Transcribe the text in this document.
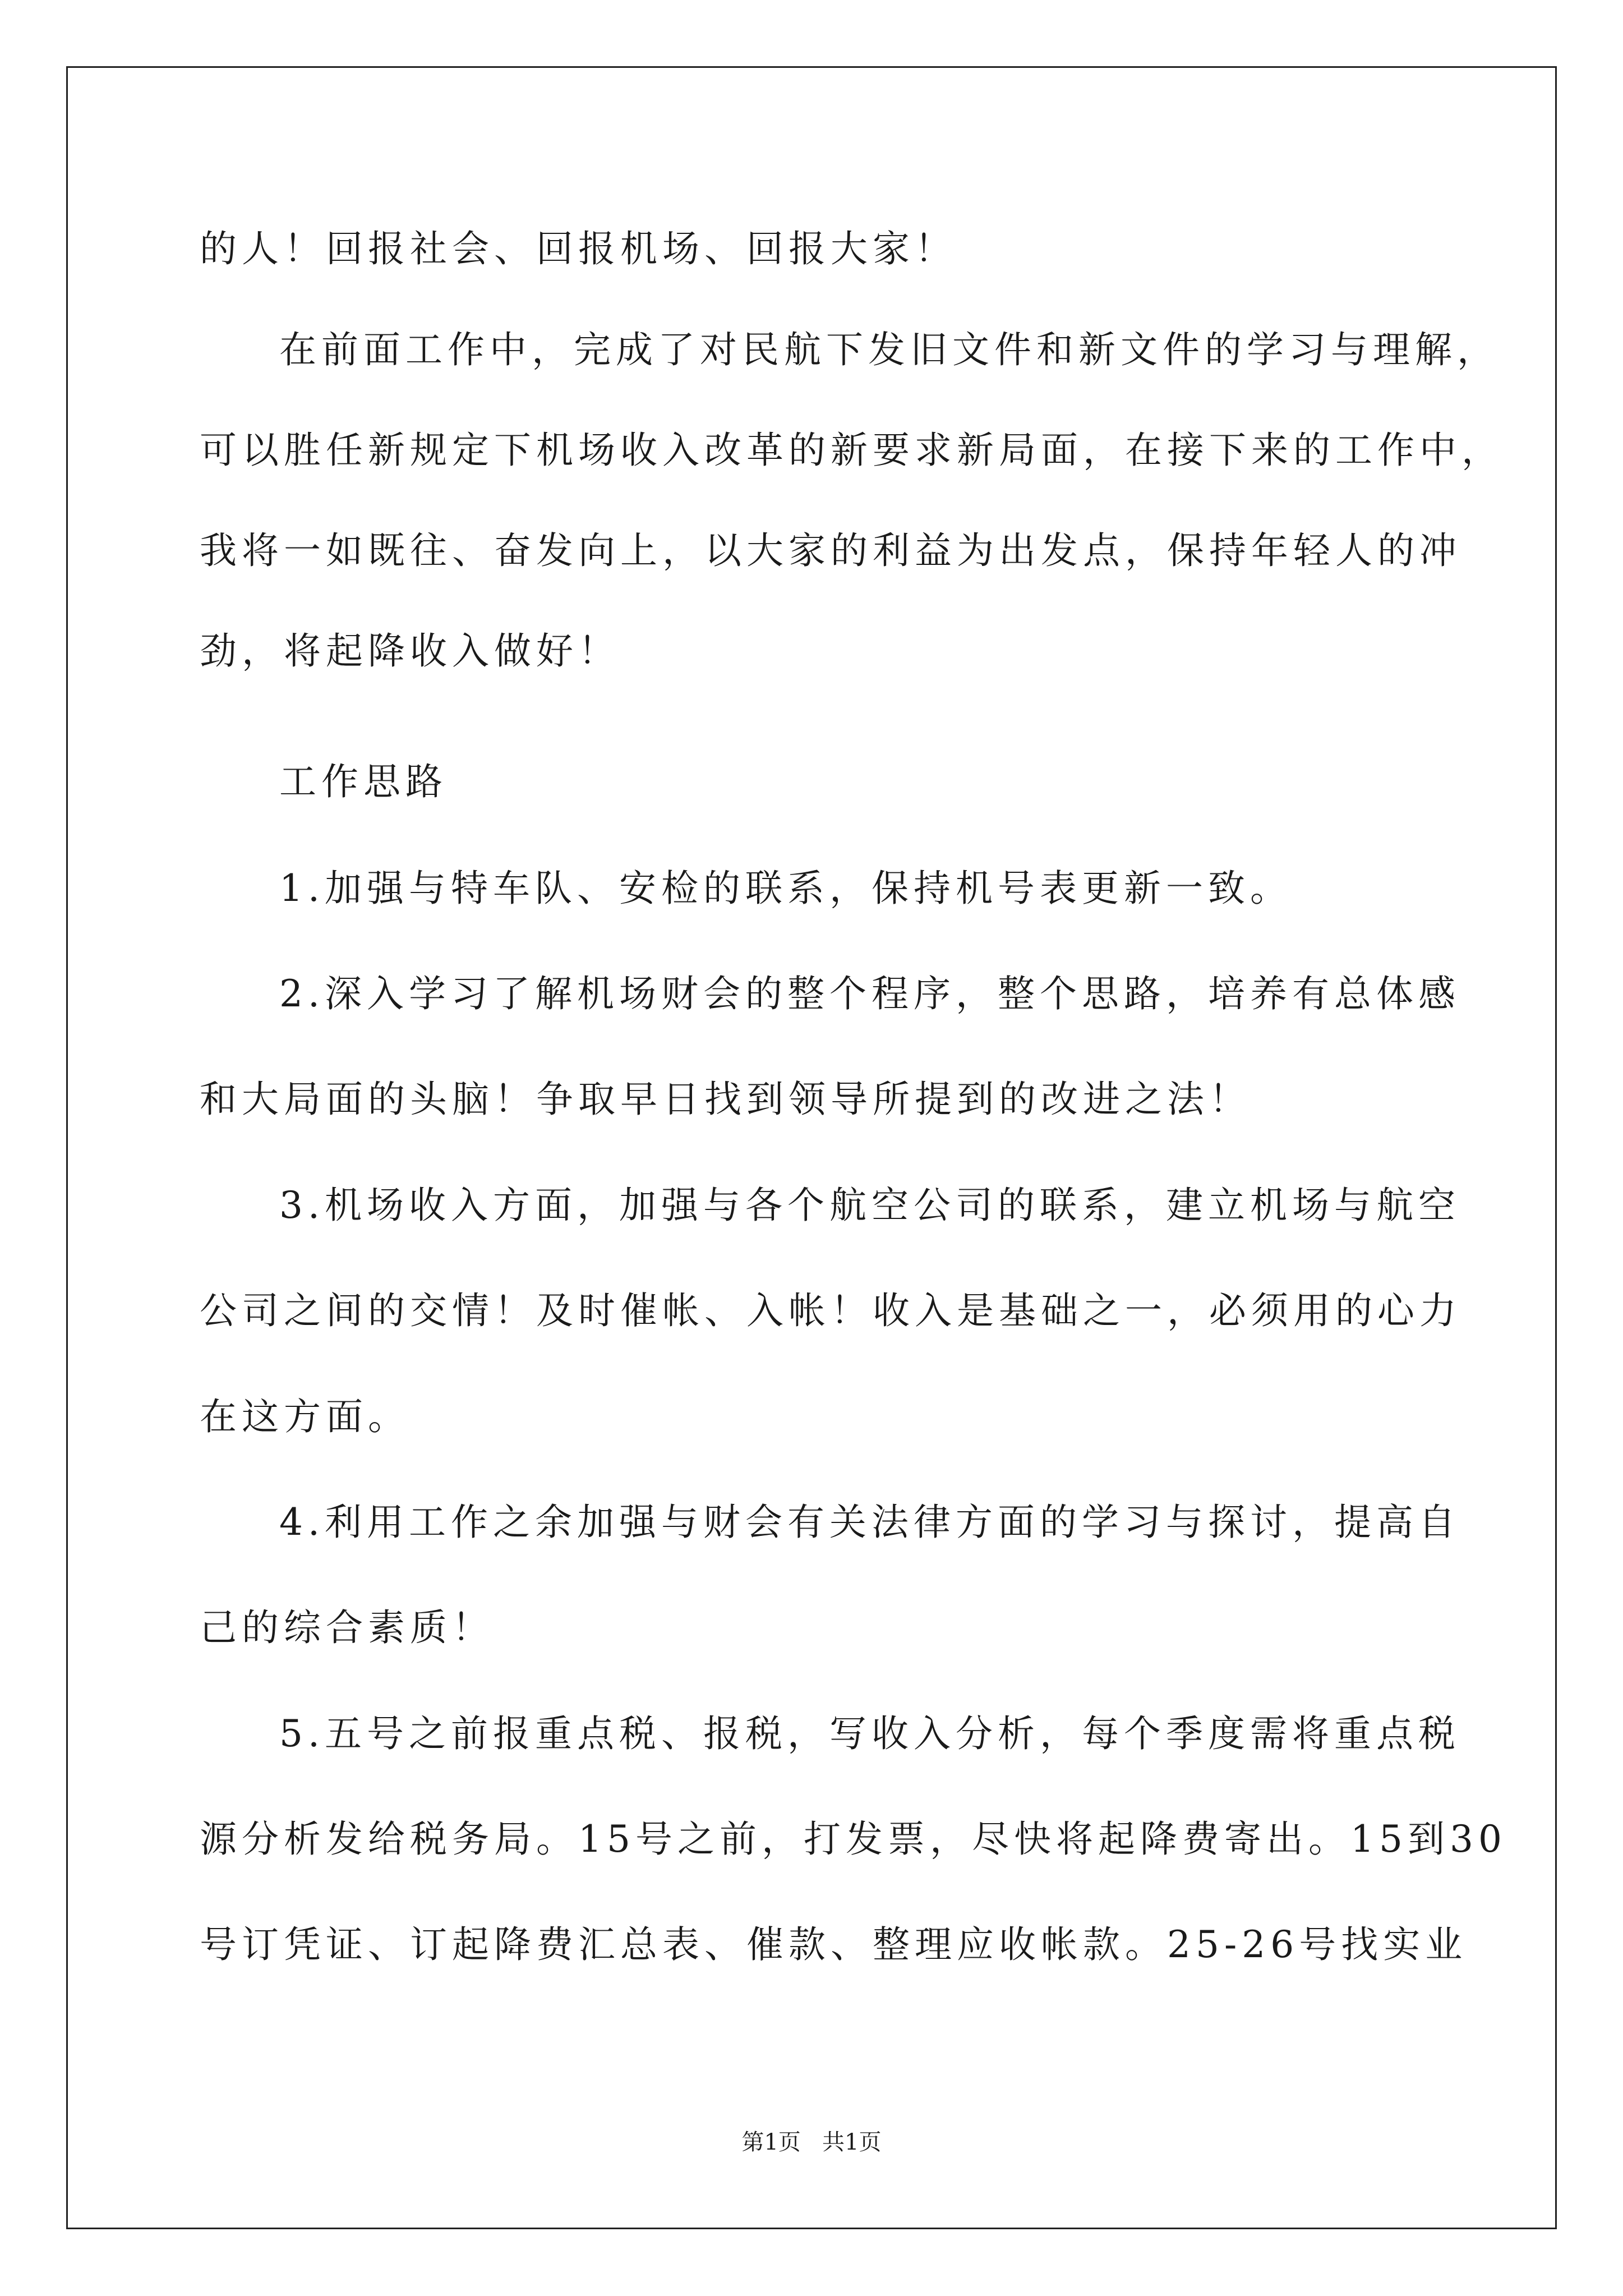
的人！回报社会、回报机场、回报大家！
在前面工作中，完成了对民航下发旧文件和新文件的学习与理解，
可以胜任新规定下机场收入改革的新要求新局面，在接下来的工作中，
我将一如既往、奋发向上，以大家的利益为出发点，保持年轻人的冲
劲，将起降收入做好！
工作思路
1.加强与特车队、安检的联系，保持机号表更新一致。
2.深入学习了解机场财会的整个程序，整个思路，培养有总体感
和大局面的头脑！争取早日找到领导所提到的改进之法！
3.机场收入方面，加强与各个航空公司的联系，建立机场与航空
公司之间的交情！及时催帐、入帐！收入是基础之一，必须用的心力
在这方面。
4.利用工作之余加强与财会有关法律方面的学习与探讨，提高自
己的综合素质！
5.五号之前报重点税、报税，写收入分析，每个季度需将重点税
源分析发给税务局。15号之前，打发票，尽快将起降费寄出。15到30
号订凭证、订起降费汇总表、催款、整理应收帐款。25-26号找实业
第1页   共1页
